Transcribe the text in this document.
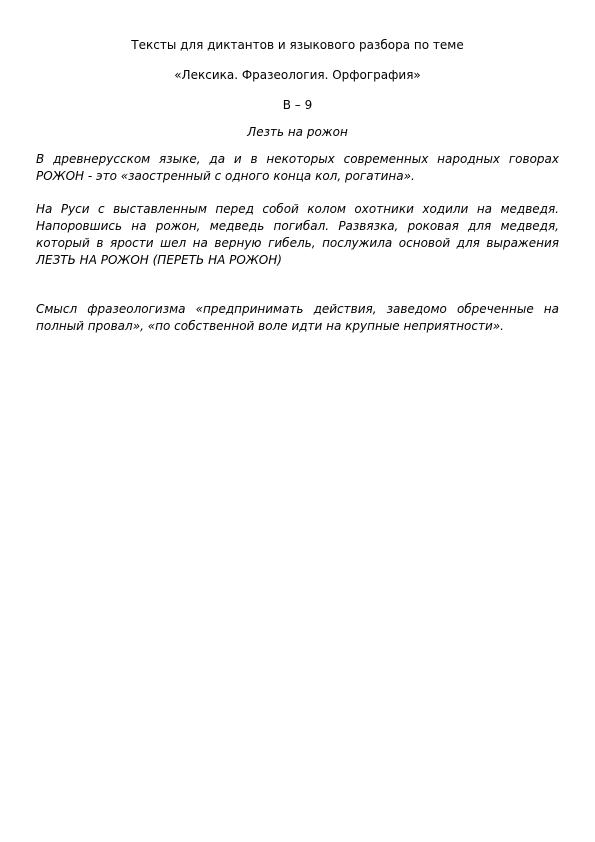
Тексты для диктантов и языкового разбора по теме
«Лексика. Фразеология. Орфография»
В – 9
Лезть на рожон

В древнерусском языке, да и в некоторых современных народных говорах РОЖОН - это «заостренный с одного конца кол, рогатина».

На Руси с выставленным перед собой колом охотники ходили на медведя. Напоровшись на рожон, медведь погибал. Развязка, роковая для медведя, который в ярости шел на верную гибель, послужила основой для выражения ЛЕЗТЬ НА РОЖОН (ПЕРЕТЬ НА РОЖОН)

Смысл фразеологизма «предпринимать действия, заведомо обреченные на полный провал», «по собственной воле идти на крупные неприятности».
